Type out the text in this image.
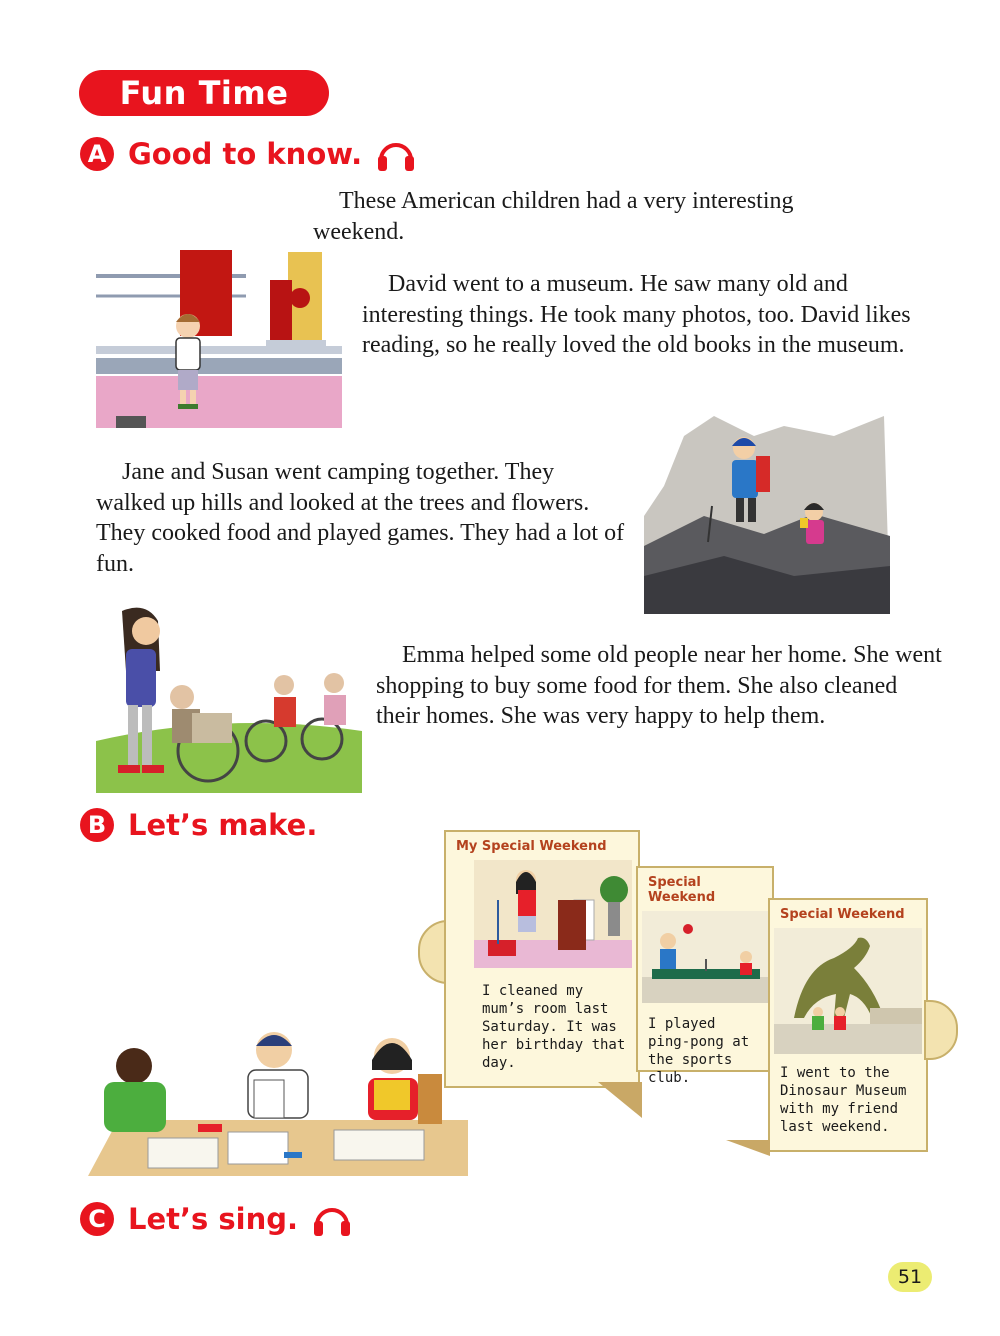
Fun Time
A Good to know.

These American children had a very interesting weekend.

David went to a museum. He saw many old and interesting things. He took many photos, too. David likes reading, so he really loved the old books in the museum.

Jane and Susan went camping together. They walked up hills and looked at the trees and flowers. They cooked food and played games. They had a lot of fun.

Emma helped some old people near her home. She went shopping to buy some food for them. She also cleaned their homes. She was very happy to help them.

B Let’s make.
My Special Weekend
I cleaned my mum’s room last Saturday. It was her birthday that day.
Special Weekend
I played ping-pong at the sports club.
Special Weekend
I went to the Dinosaur Museum with my friend last weekend.
C Let’s sing.
51
